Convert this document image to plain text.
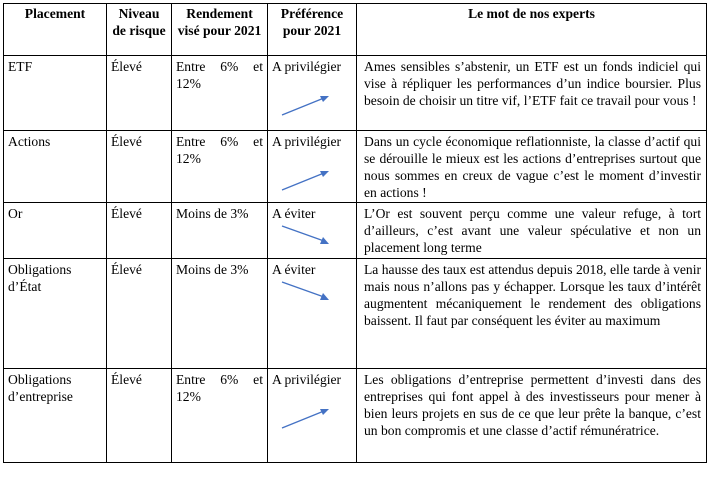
Placement	Niveau de risque	Rendement visé pour 2021	Préférence pour 2021	Le mot de nos experts
ETF	Élevé	Entre 6% et 12%	A privilégier	Ames sensibles s’abstenir, un ETF est un fonds indiciel qui vise à répliquer les performances d’un indice boursier. Plus besoin de choisir un titre vif, l’ETF fait ce travail pour vous !
Actions	Élevé	Entre 6% et 12%	A privilégier	Dans un cycle économique reflationniste, la classe d’actif qui se dérouille le mieux est les actions d’entreprises surtout que nous sommes en creux de vague c’est le moment d’investir en actions !
Or	Élevé	Moins de 3%	A éviter	L’Or est souvent perçu comme une valeur refuge, à tort d’ailleurs, c’est avant une valeur spéculative et non un placement long terme
Obligations d’État	Élevé	Moins de 3%	A éviter	La hausse des taux est attendus depuis 2018, elle tarde à venir mais nous n’allons pas y échapper. Lorsque les taux d’intérêt augmentent mécaniquement le rendement des obligations baissent. Il faut par conséquent les éviter au maximum
Obligations d’entreprise	Élevé	Entre 6% et 12%	A privilégier	Les obligations d’entreprise permettent d’investi dans des entreprises qui font appel à des investisseurs pour mener à bien leurs projets en sus de ce que leur prête la banque, c’est un bon compromis et une classe d’actif rémunératrice.
